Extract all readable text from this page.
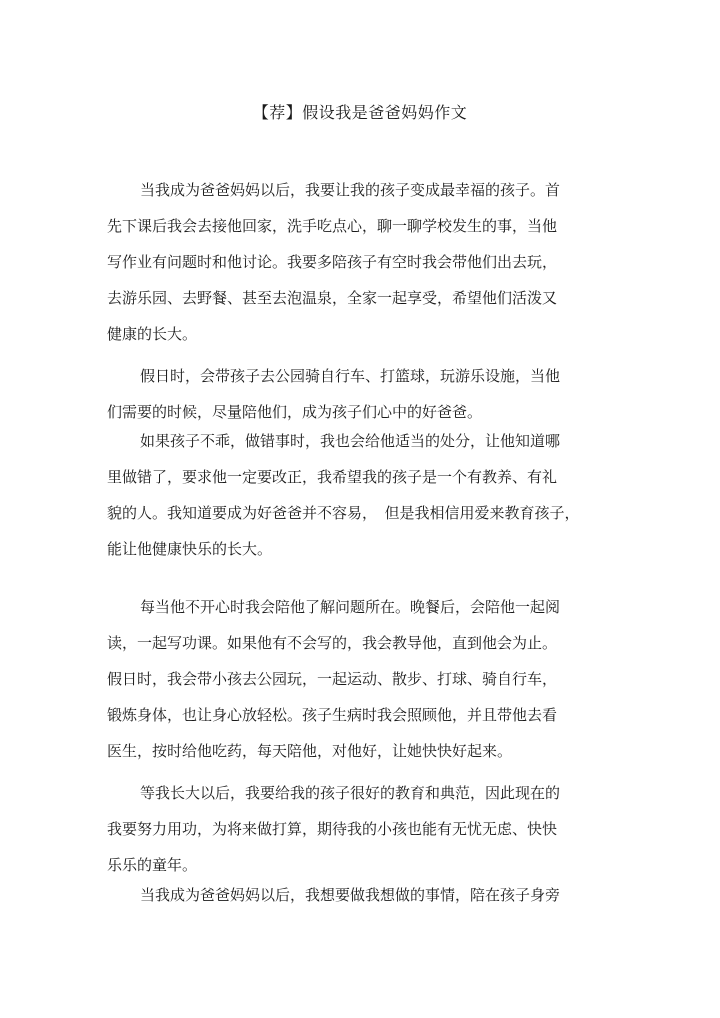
【荐】假设我是爸爸妈妈作文
当我成为爸爸妈妈以后，我要让我的孩子变成最幸福的孩子。首
先下课后我会去接他回家，洗手吃点心，聊一聊学校发生的事，当他
写作业有问题时和他讨论。我要多陪孩子有空时我会带他们出去玩，
去游乐园、去野餐、甚至去泡温泉，全家一起享受，希望他们活泼又
健康的长大。
假日时，会带孩子去公园骑自行车、打篮球，玩游乐设施，当他
们需要的时候，尽量陪他们，成为孩子们心中的好爸爸。
如果孩子不乖，做错事时，我也会给他适当的处分，让他知道哪
里做错了，要求他一定要改正，我希望我的孩子是一个有教养、有礼
貌的人。我知道要成为好爸爸并不容易，　但是我相信用爱来教育孩子，
能让他健康快乐的长大。
每当他不开心时我会陪他了解问题所在。晚餐后，会陪他一起阅
读，一起写功课。如果他有不会写的，我会教导他，直到他会为止。
假日时，我会带小孩去公园玩，一起运动、散步、打球、骑自行车，
锻炼身体，也让身心放轻松。孩子生病时我会照顾他，并且带他去看
医生，按时给他吃药，每天陪他，对他好，让她快快好起来。
等我长大以后，我要给我的孩子很好的教育和典范，因此现在的
我要努力用功，为将来做打算，期待我的小孩也能有无忧无虑、快快
乐乐的童年。
当我成为爸爸妈妈以后，我想要做我想做的事情，陪在孩子身旁
